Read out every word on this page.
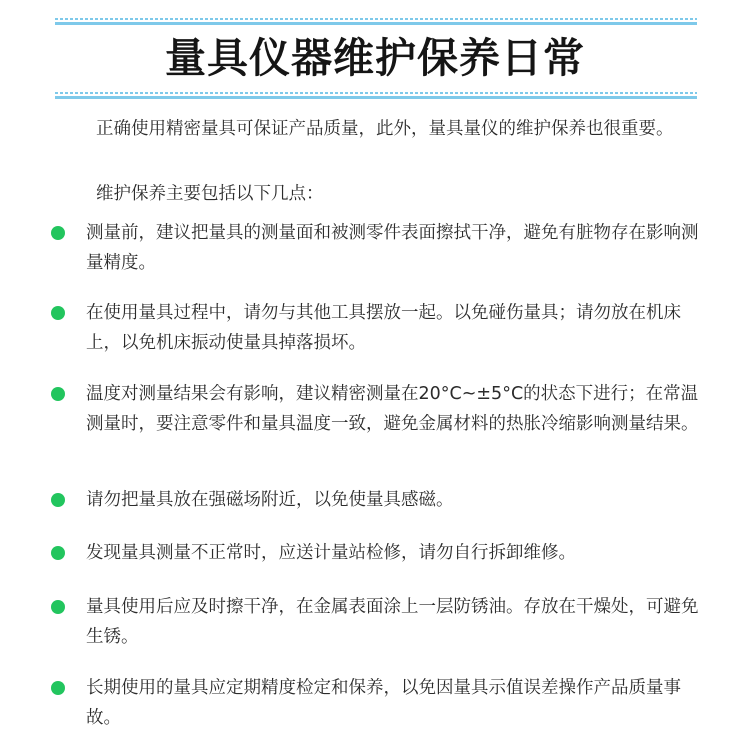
量具仪器维护保养日常

正确使用精密量具可保证产品质量，此外，量具量仪的维护保养也很重要。

维护保养主要包括以下几点：

测量前，建议把量具的测量面和被测零件表面擦拭干净，避免有脏物存在影响测量精度。

在使用量具过程中，请勿与其他工具摆放一起。以免碰伤量具；请勿放在机床上，以免机床振动使量具掉落损坏。

温度对测量结果会有影响，建议精密测量在20°C~±5°C的状态下进行；在常温测量时，要注意零件和量具温度一致，避免金属材料的热胀冷缩影响测量结果。

请勿把量具放在强磁场附近，以免使量具感磁。

发现量具测量不正常时，应送计量站检修，请勿自行拆卸维修。

量具使用后应及时擦干净，在金属表面涂上一层防锈油。存放在干燥处，可避免生锈。

长期使用的量具应定期精度检定和保养，以免因量具示值误差操作产品质量事故。
